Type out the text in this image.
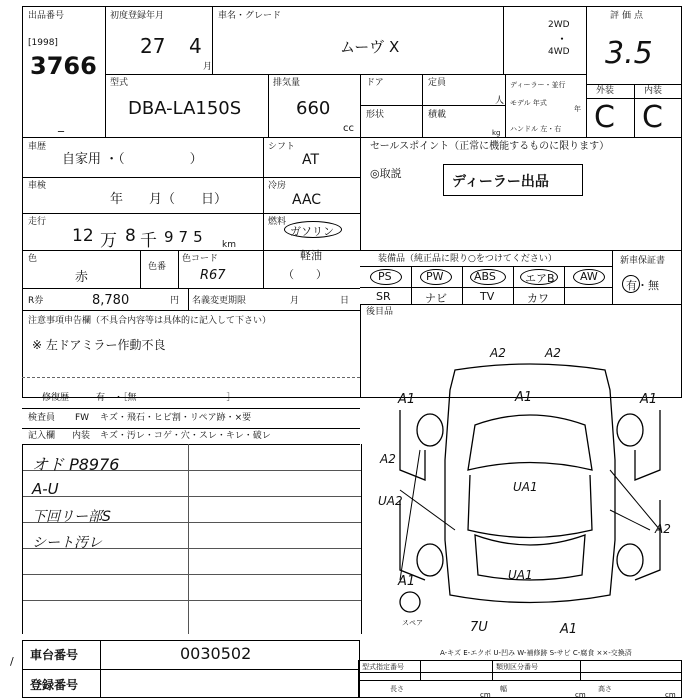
出品番号
[1998]
3766
_
初度登録年月
27 4
月
車名・グレード
ムーヴ X
2WD
・
4WD
評価点
3.5
型式
DBA-LA150S
排気量
660
cc
ドア	定員
人
ディーラー・並行
モデル 年式
年
ハンドル 左・右
形状	積載
kg
外装	内装
C C
車歴
自家用 ・（　　　　　）
シフト
AT
セールスポイント（正常に機能するものに限ります）
◎取説
ディーラー出品
車検
年　　月（　　日）
冷房
AAC
走行
12 万 8 千 975 km
燃料
ガソリン
軽油
（　　）
色
赤
色番
色コード
R67
装備品（純正品に限り○をつけてください）	新車保証書
有・無
PS	PW	ABS	エアB AW
SR	ナビ	TV	カワ
R券	8,780	円 名義変更期限	月	日
後目品
注意事項申告欄（不具合内容等は具体的に記入して下さい）
※ 左ドアミラー作動不良
修復歴　　　有　・［無　　　　　　　　　　］
検査員 FW キズ・飛石・ヒビ割・リペア跡・×要
記入欄 内装 キズ・汚レ・コゲ・穴・スレ・キレ・破レ
オド P8976
A-U
下回リー部S
シート汚レ
A2	A2
A1	A1	A1
A2
UA2
UA1
A2
A1	UA1
スペア	7U	A1
A-キズ E-エクボ U-凹み W-補修跡 S-サビ C-腐食 ××-交換済
車台番号	0030502
登録番号
/	型式指定番号	類別区分番号
長さ
cm
幅
cm
高さ
cm
